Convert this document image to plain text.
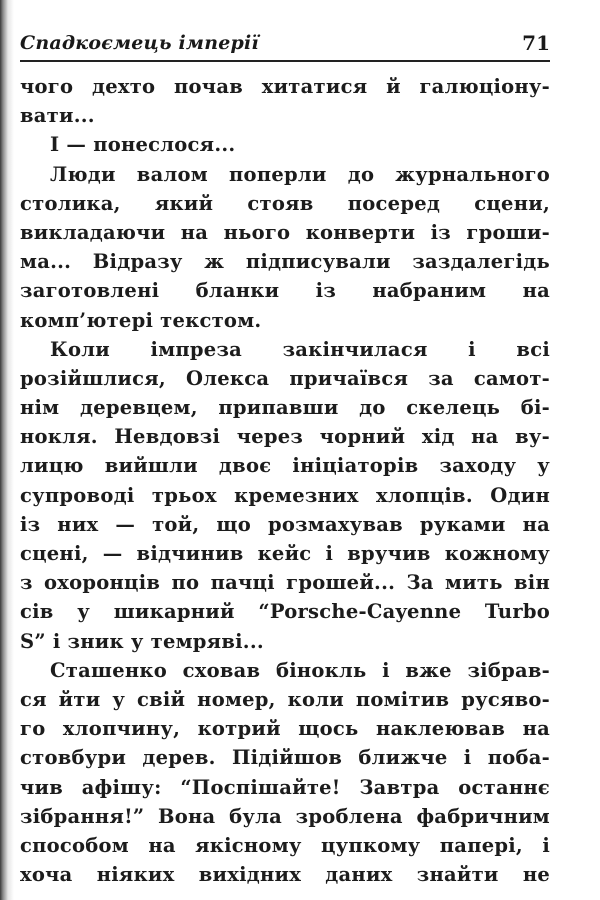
Спадкоємець імперії	71
чого дехто почав хитатися й галюціону-
вати...
І — понеслося...
Люди валом поперли до журнального
столика, який стояв посеред сцени,
викладаючи на нього конверти із гроши-
ма... Відразу ж підписували заздалегідь
заготовлені бланки із набраним на
комп’ютері текстом.
Коли імпреза закінчилася і всі
розійшлися, Олекса причаївся за самот-
нім деревцем, припавши до скелець бі-
нокля. Невдовзі через чорний хід на ву-
лицю вийшли двоє ініціаторів заходу у
супроводі трьох кремезних хлопців. Один
із них — той, що розмахував руками на
сцені, — відчинив кейс і вручив кожному
з охоронців по пачці грошей... За мить він
сів у шикарний “Porsche-Cayenne Turbo
S” і зник у темряві...
Сташенко сховав бінокль і вже зібрав-
ся йти у свій номер, коли помітив русяво-
го хлопчину, котрий щось наклеював на
стовбури дерев. Підійшов ближче і поба-
чив афішу: “Поспішайте! Завтра останнє
зібрання!” Вона була зроблена фабричним
способом на якісному цупкому папері, і
хоча ніяких вихідних даних знайти не
